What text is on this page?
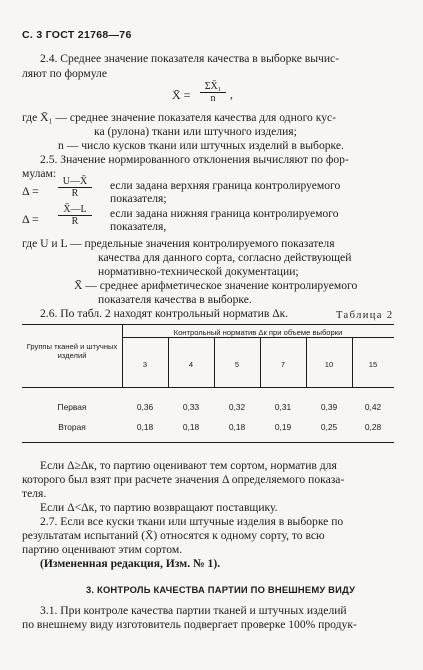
С. 3 ГОСТ 21768—76
2.4. Среднее значение показателя качества в выборке вычис-
ляют по формуле
X̄̄ = $\frac{\text{ΣX̄₁}}{n}$ ,
где X̄₁ — среднее значение показателя качества для одного кус-
ка (рулона) ткани или штучного изделия;
n — число кусков ткани или штучных изделий в выборке.
2.5. Значение нормированного отклонения вычисляют по фор-
мулам:
$\Delta = \frac{U—X̄̄}{R}$ если задана верхняя граница контролируемого
показателя;
$\Delta = \frac{X̄̄—L}{R}$ если задана нижняя граница контролируемого
показателя,
где U и L — предельные значения контролируемого показателя
качества для данного сорта, согласно действующей
нормативно-технической документации;
X̄̄ — среднее арифметическое значение контролируемого
показателя качества в выборке.
2.6. По табл. 2 находят контрольный норматив Δк.	Таблица 2
Группы тканей и штучных изделий
Контрольный норматив Δк при объеме выборки
3	4	5	7	10	15
Первая	0,36	0,33	0,32	0,31	0,39	0,42
Вторая	0,18	0,18	0,18	0,19	0,25	0,28
Если Δ≥Δк, то партию оценивают тем сортом, норматив для
которого был взят при расчете значения Δ определяемого показа-
теля.
Если Δ<Δк, то партию возвращают поставщику.
2.7. Если все куски ткани или штучные изделия в выборке по
результатам испытаний (X̄) относятся к одному сорту, то всю
партию оценивают этим сортом.
(Измененная редакция, Изм. № 1).
3. КОНТРОЛЬ КАЧЕСТВА ПАРТИИ ПО ВНЕШНЕМУ ВИДУ
3.1. При контроле качества партии тканей и штучных изделий
по внешнему виду изготовитель подвергает проверке 100% продук-
